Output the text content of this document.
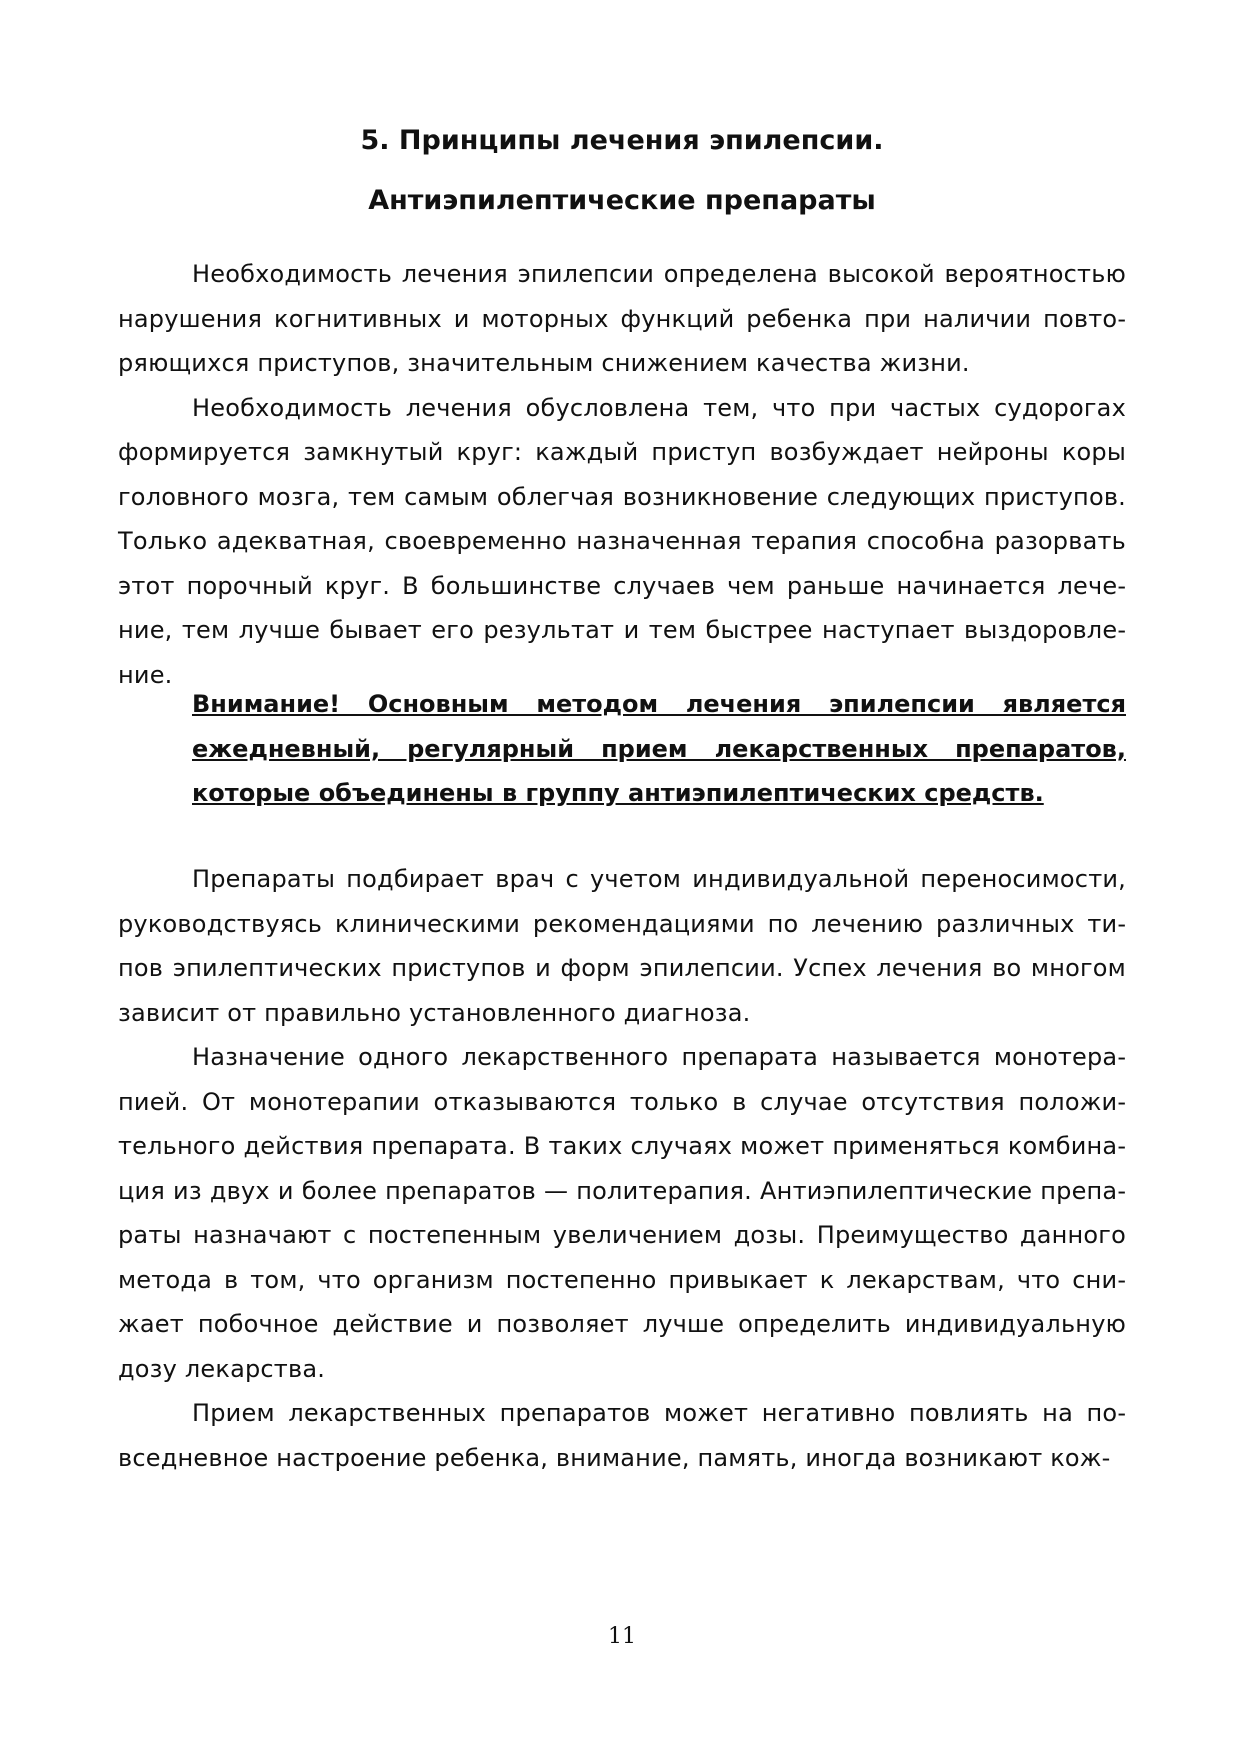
5. Принципы лечения эпилепсии.
Антиэпилептические препараты

Необходимость лечения эпилепсии определена высокой вероятностью нарушения когнитивных и моторных функций ребенка при наличии повторяющихся приступов, значительным снижением качества жизни.

Необходимость лечения обусловлена тем, что при частых судорогах формируется замкнутый круг: каждый приступ возбуждает нейроны коры головного мозга, тем самым облегчая возникновение следующих приступов. Только адекватная, своевременно назначенная терапия способна разорвать этот порочный круг. В большинстве случаев чем раньше начинается лечение, тем лучше бывает его результат и тем быстрее наступает выздоровление.

Внимание! Основным методом лечения эпилепсии является ежедневный, регулярный прием лекарственных препаратов, которые объединены в группу антиэпилептических средств.

Препараты подбирает врач с учетом индивидуальной переносимости, руководствуясь клиническими рекомендациями по лечению различных типов эпилептических приступов и форм эпилепсии. Успех лечения во многом зависит от правильно установленного диагноза.

Назначение одного лекарственного препарата называется монотерапией. От монотерапии отказываются только в случае отсутствия положительного действия препарата. В таких случаях может применяться комбинация из двух и более препаратов — политерапия. Антиэпилептические препараты назначают с постепенным увеличением дозы. Преимущество данного метода в том, что организм постепенно привыкает к лекарствам, что снижает побочное действие и позволяет лучше определить индивидуальную дозу лекарства.

Прием лекарственных препаратов может негативно повлиять на повседневное настроение ребенка, внимание, память, иногда возникают кож-

11
